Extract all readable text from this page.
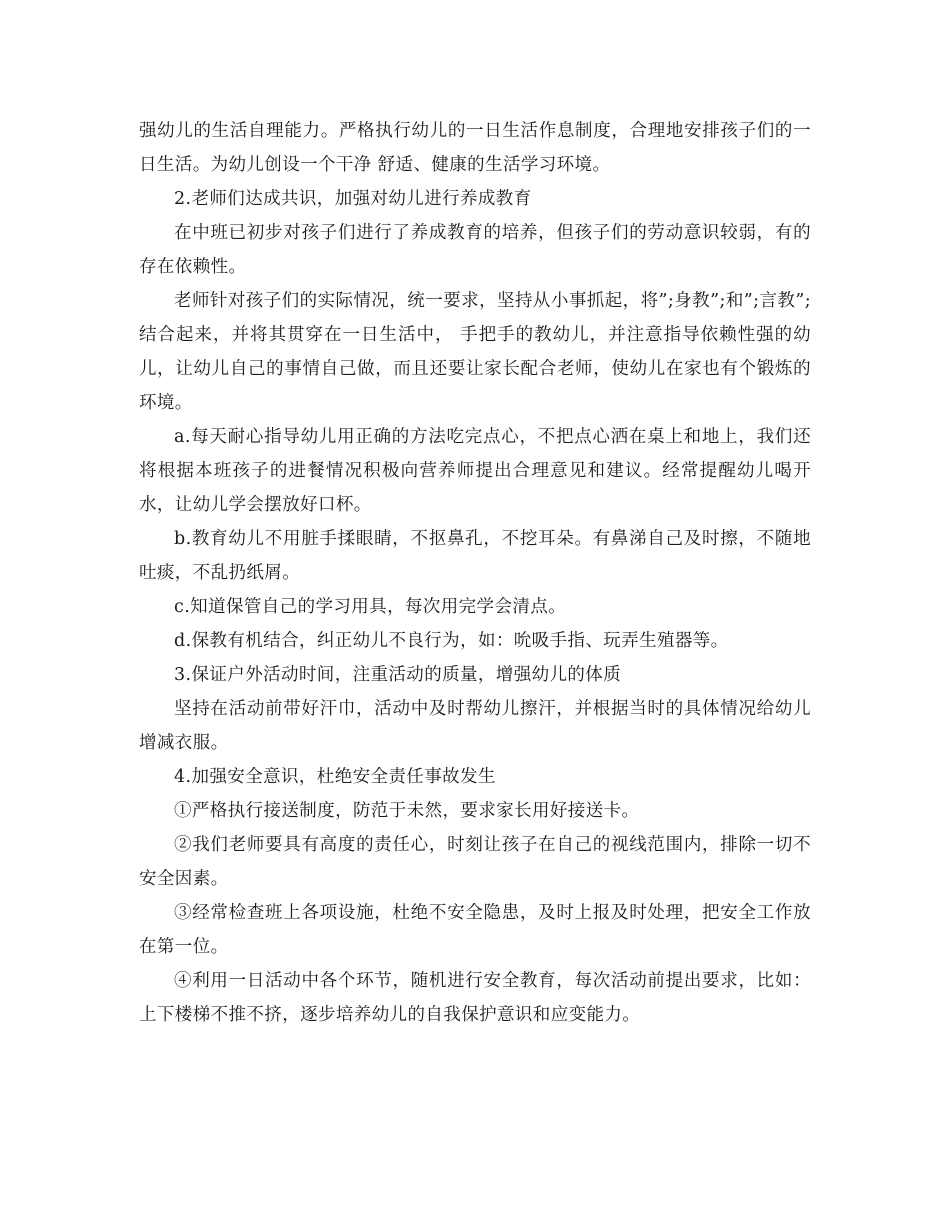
强幼儿的生活自理能力。严格执行幼儿的一日生活作息制度，合理地安排孩子们的一日生活。为幼儿创设一个干净 舒适、健康的生活学习环境。

2.老师们达成共识，加强对幼儿进行养成教育

在中班已初步对孩子们进行了养成教育的培养，但孩子们的劳动意识较弱，有的存在依赖性。

老师针对孩子们的实际情况，统一要求，坚持从小事抓起，将”;身教”;和”;言教”;结合起来，并将其贯穿在一日生活中， 手把手的教幼儿，并注意指导依赖性强的幼儿，让幼儿自己的事情自己做，而且还要让家长配合老师，使幼儿在家也有个锻炼的环境。

a.每天耐心指导幼儿用正确的方法吃完点心，不把点心洒在桌上和地上，我们还将根据本班孩子的进餐情况积极向营养师提出合理意见和建议。经常提醒幼儿喝开水，让幼儿学会摆放好口杯。

b.教育幼儿不用脏手揉眼睛，不抠鼻孔，不挖耳朵。有鼻涕自己及时擦，不随地吐痰，不乱扔纸屑。

c.知道保管自己的学习用具，每次用完学会清点。

d.保教有机结合，纠正幼儿不良行为，如：吮吸手指、玩弄生殖器等。

3.保证户外活动时间，注重活动的质量，增强幼儿的体质

坚持在活动前带好汗巾，活动中及时帮幼儿擦汗，并根据当时的具体情况给幼儿增减衣服。

4.加强安全意识，杜绝安全责任事故发生

①严格执行接送制度，防范于未然，要求家长用好接送卡。

②我们老师要具有高度的责任心，时刻让孩子在自己的视线范围内，排除一切不安全因素。

③经常检查班上各项设施，杜绝不安全隐患，及时上报及时处理，把安全工作放在第一位。

④利用一日活动中各个环节，随机进行安全教育，每次活动前提出要求，比如：上下楼梯不推不挤，逐步培养幼儿的自我保护意识和应变能力。
